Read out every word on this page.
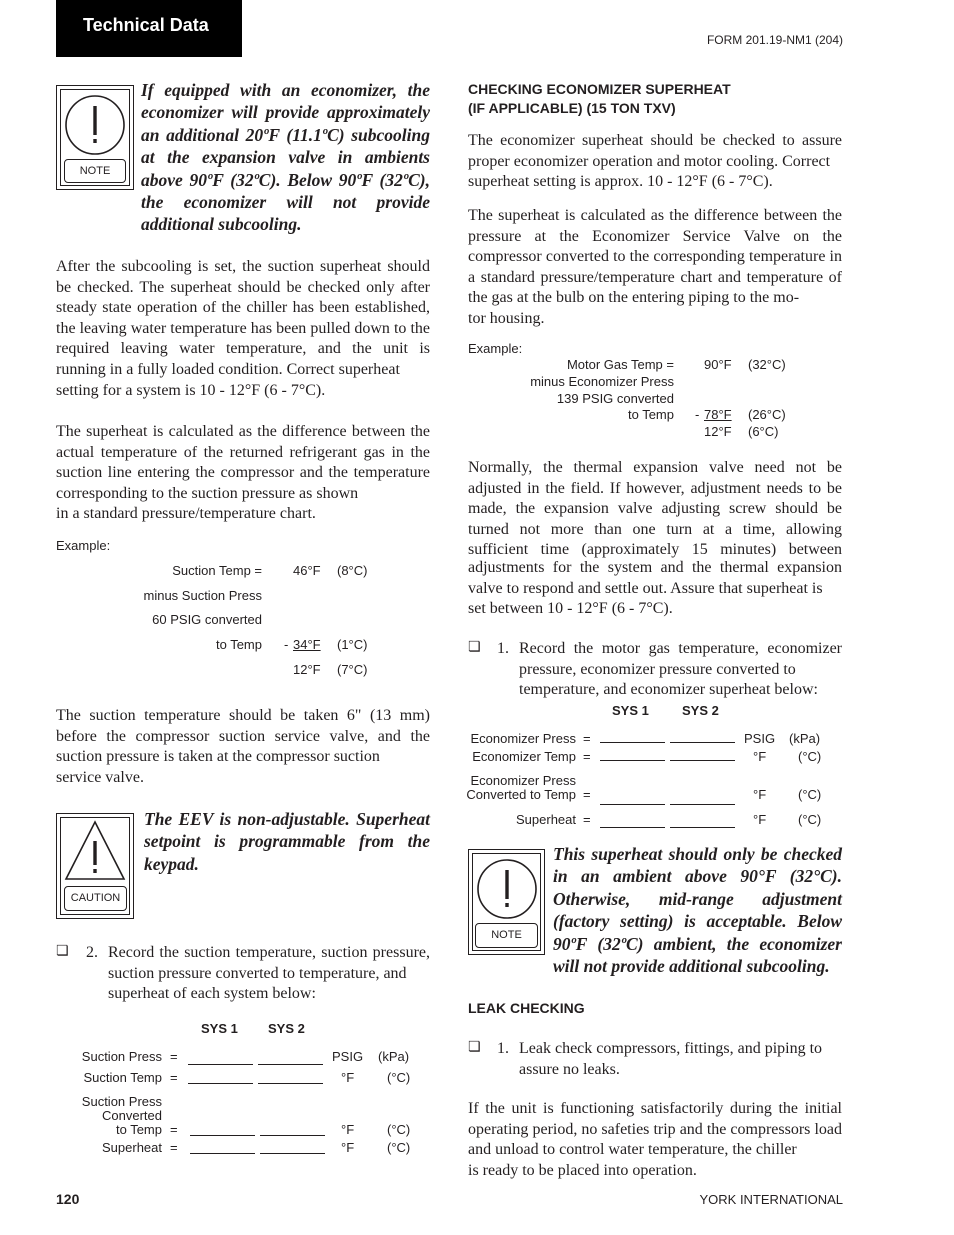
Technical Data
FORM 201.19-NM1 (204)
NOTE
If equipped with an economizer, the economizer will provide approximately an additional 20ºF (11.1ºC) subcooling at the expansion valve in ambients above 90ºF (32ºC). Below 90ºF (32ºC), the economizer will not provide additional subcooling.
After the subcooling is set, the suction superheat should be checked. The superheat should be checked only after steady state operation of the chiller has been established, the leaving water temperature has been pulled down to the required leaving water temperature, and the unit is running in a fully loaded condition. Correct superheat
setting for a system is 10 - 12°F (6 - 7°C).
The superheat is calculated as the difference between the actual temperature of the returned refrigerant gas in the suction line entering the compressor and the temperature corresponding to the suction pressure as shown
in a standard pressure/temperature chart.
Example:
Suction Temp = 46°F (8°C)
minus Suction Press
60 PSIG converted
to Temp - 34°F	(1°C)
12°F (7°C)
The suction temperature should be taken 6" (13 mm) before the compressor suction service valve, and the suction pressure is taken at the compressor suction
service valve.
CAUTION
The EEV is non-adjustable. Superheat setpoint is programmable from the keypad.
❏ 2. Record the suction temperature, suction pressure, suction pressure converted to temperature, and
superheat of each system below:
SYS 1 SYS 2
Suction Press =	PSIG (kPa)
Suction Temp =	°F	(°C)
Suction Press
Converted
to Temp =	°F	(°C)
Superheat =	°F	(°C)
CHECKING ECONOMIZER SUPERHEAT
(IF APPLICABLE) (15 TON TXV)
The economizer superheat should be checked to assure proper economizer operation and motor cooling. Correct
superheat setting is approx. 10 - 12°F (6 - 7°C).
The superheat is calculated as the difference between the pressure at the Economizer Service Valve on the compressor converted to the corresponding temperature in a standard pressure/temperature chart and temperature of the gas at the bulb on the entering piping to the mo-
tor housing.
Example:
Motor Gas Temp = 90°F (32°C)
minus Economizer Press
139 PSIG converted
to Temp - 78°F	(26°C)
12°F (6°C)
Normally, the thermal expansion valve need not be adjusted in the field. If however, adjustment needs to be made, the expansion valve adjusting screw should be turned not more than one turn at a time, allowing sufficient time (approximately 15 minutes) between
adjustments for the system and the thermal expansion valve to respond and settle out. Assure that superheat is
set between 10 - 12°F (6 - 7°C).
❏ 1. Record the motor gas temperature, economizer pressure, economizer pressure converted to
temperature, and economizer superheat below:
SYS 1	SYS 2
Economizer Press =	PSIG (kPa)
Economizer Temp =	°F (°C)
Economizer Press
Converted to Temp =	°F (°C)
Superheat =	°F (°C)
NOTE
This superheat should only be checked in an ambient above 90°F (32°C). Otherwise, mid-range adjustment (factory setting) is acceptable. Below 90ºF (32ºC) ambient, the economizer will not provide additional subcooling.
LEAK CHECKING
❏ 1. Leak check compressors, fittings, and piping to
assure no leaks.
If the unit is functioning satisfactorily during the initial operating period, no safeties trip and the compressors load and unload to control water temperature, the chiller
is ready to be placed into operation.
120	YORK INTERNATIONAL
